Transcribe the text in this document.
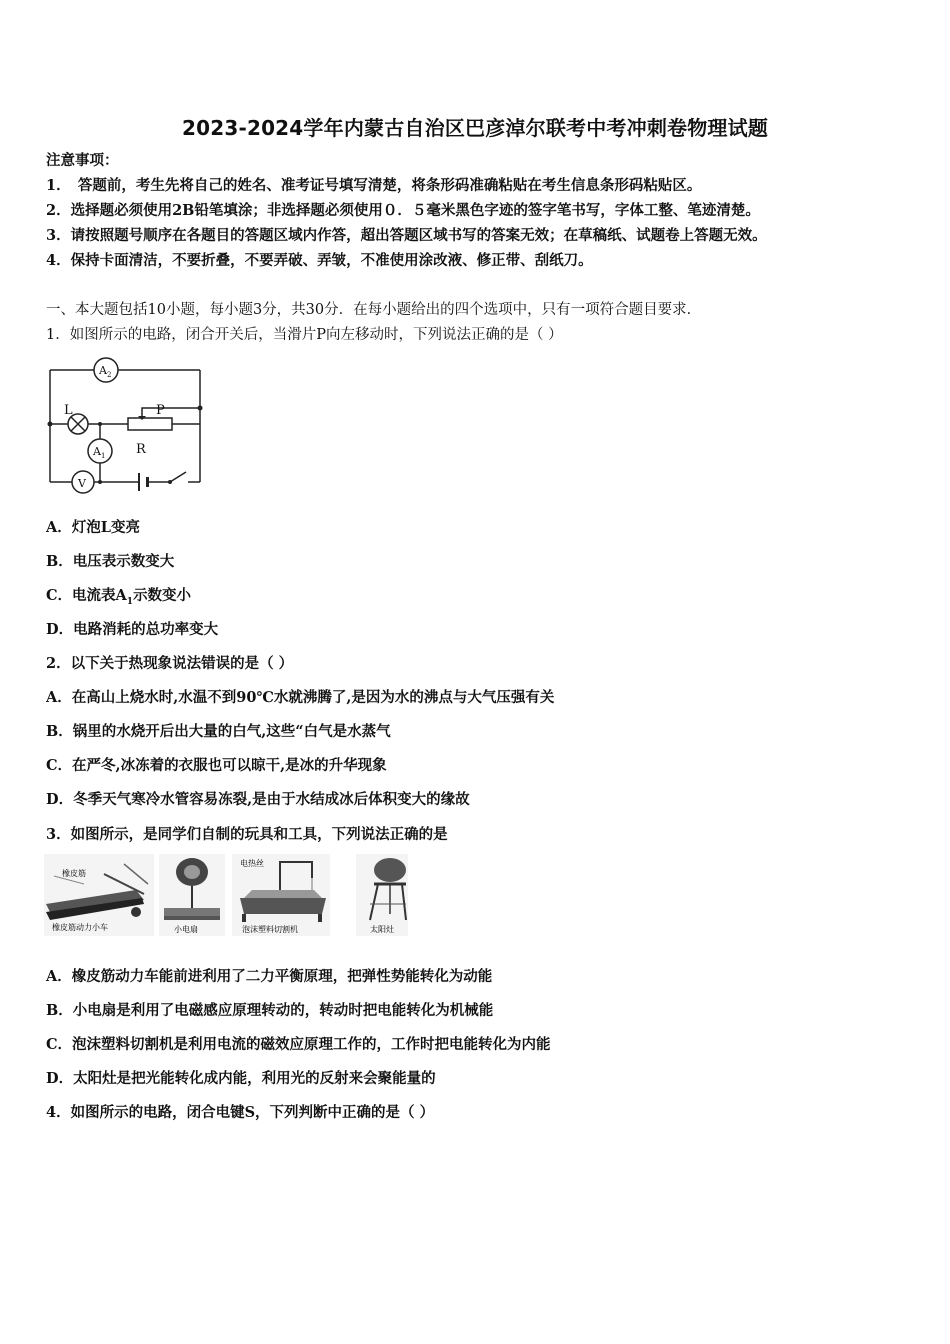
2023-2024学年内蒙古自治区巴彦淖尔联考中考冲刺卷物理试题
注意事项：
1．　答题前，考生先将自己的姓名、准考证号填写清楚，将条形码准确粘贴在考生信息条形码粘贴区。
2．选择题必须使用2B铅笔填涂；非选择题必须使用０．５毫米黑色字迹的签字笔书写，字体工整、笔迹清楚。
3．请按照题号顺序在各题目的答题区域内作答，超出答题区域书写的答案无效；在草稿纸、试题卷上答题无效。
4．保持卡面清洁，不要折叠，不要弄破、弄皱，不准使用涂改液、修正带、刮纸刀。
一、本大题包括10小题，每小题3分，共30分．在每小题给出的四个选项中，只有一项符合题目要求．
1．如图所示的电路，闭合开关后，当滑片P向左移动时，下列说法正确的是（ ）
$A_2$
L	P
$A_1$ R
V
A．灯泡L变亮
B．电压表示数变大
C．电流表$A_1$示数变小
D．电路消耗的总功率变大
2．以下关于热现象说法错误的是（ ）
A．在高山上烧水时,水温不到90℃水就沸腾了,是因为水的沸点与大气压强有关
B．锅里的水烧开后出大量的白气,这些“白气是水蒸气
C．在严冬,冰冻着的衣服也可以晾干,是冰的升华现象
D．冬季天气寒冷水管容易冻裂,是由于水结成冰后体积变大的缘故
3．如图所示，是同学们自制的玩具和工具，下列说法正确的是
橡皮筋
橡皮筋动力小车	小电扇
电热丝
泡沫塑料切割机	太阳灶
A．橡皮筋动力车能前进利用了二力平衡原理，把弹性势能转化为动能
B．小电扇是利用了电磁感应原理转动的，转动时把电能转化为机械能
C．泡沫塑料切割机是利用电流的磁效应原理工作的，工作时把电能转化为内能
D．太阳灶是把光能转化成内能，利用光的反射来会聚能量的
4．如图所示的电路，闭合电键S，下列判断中正确的是（ ）
